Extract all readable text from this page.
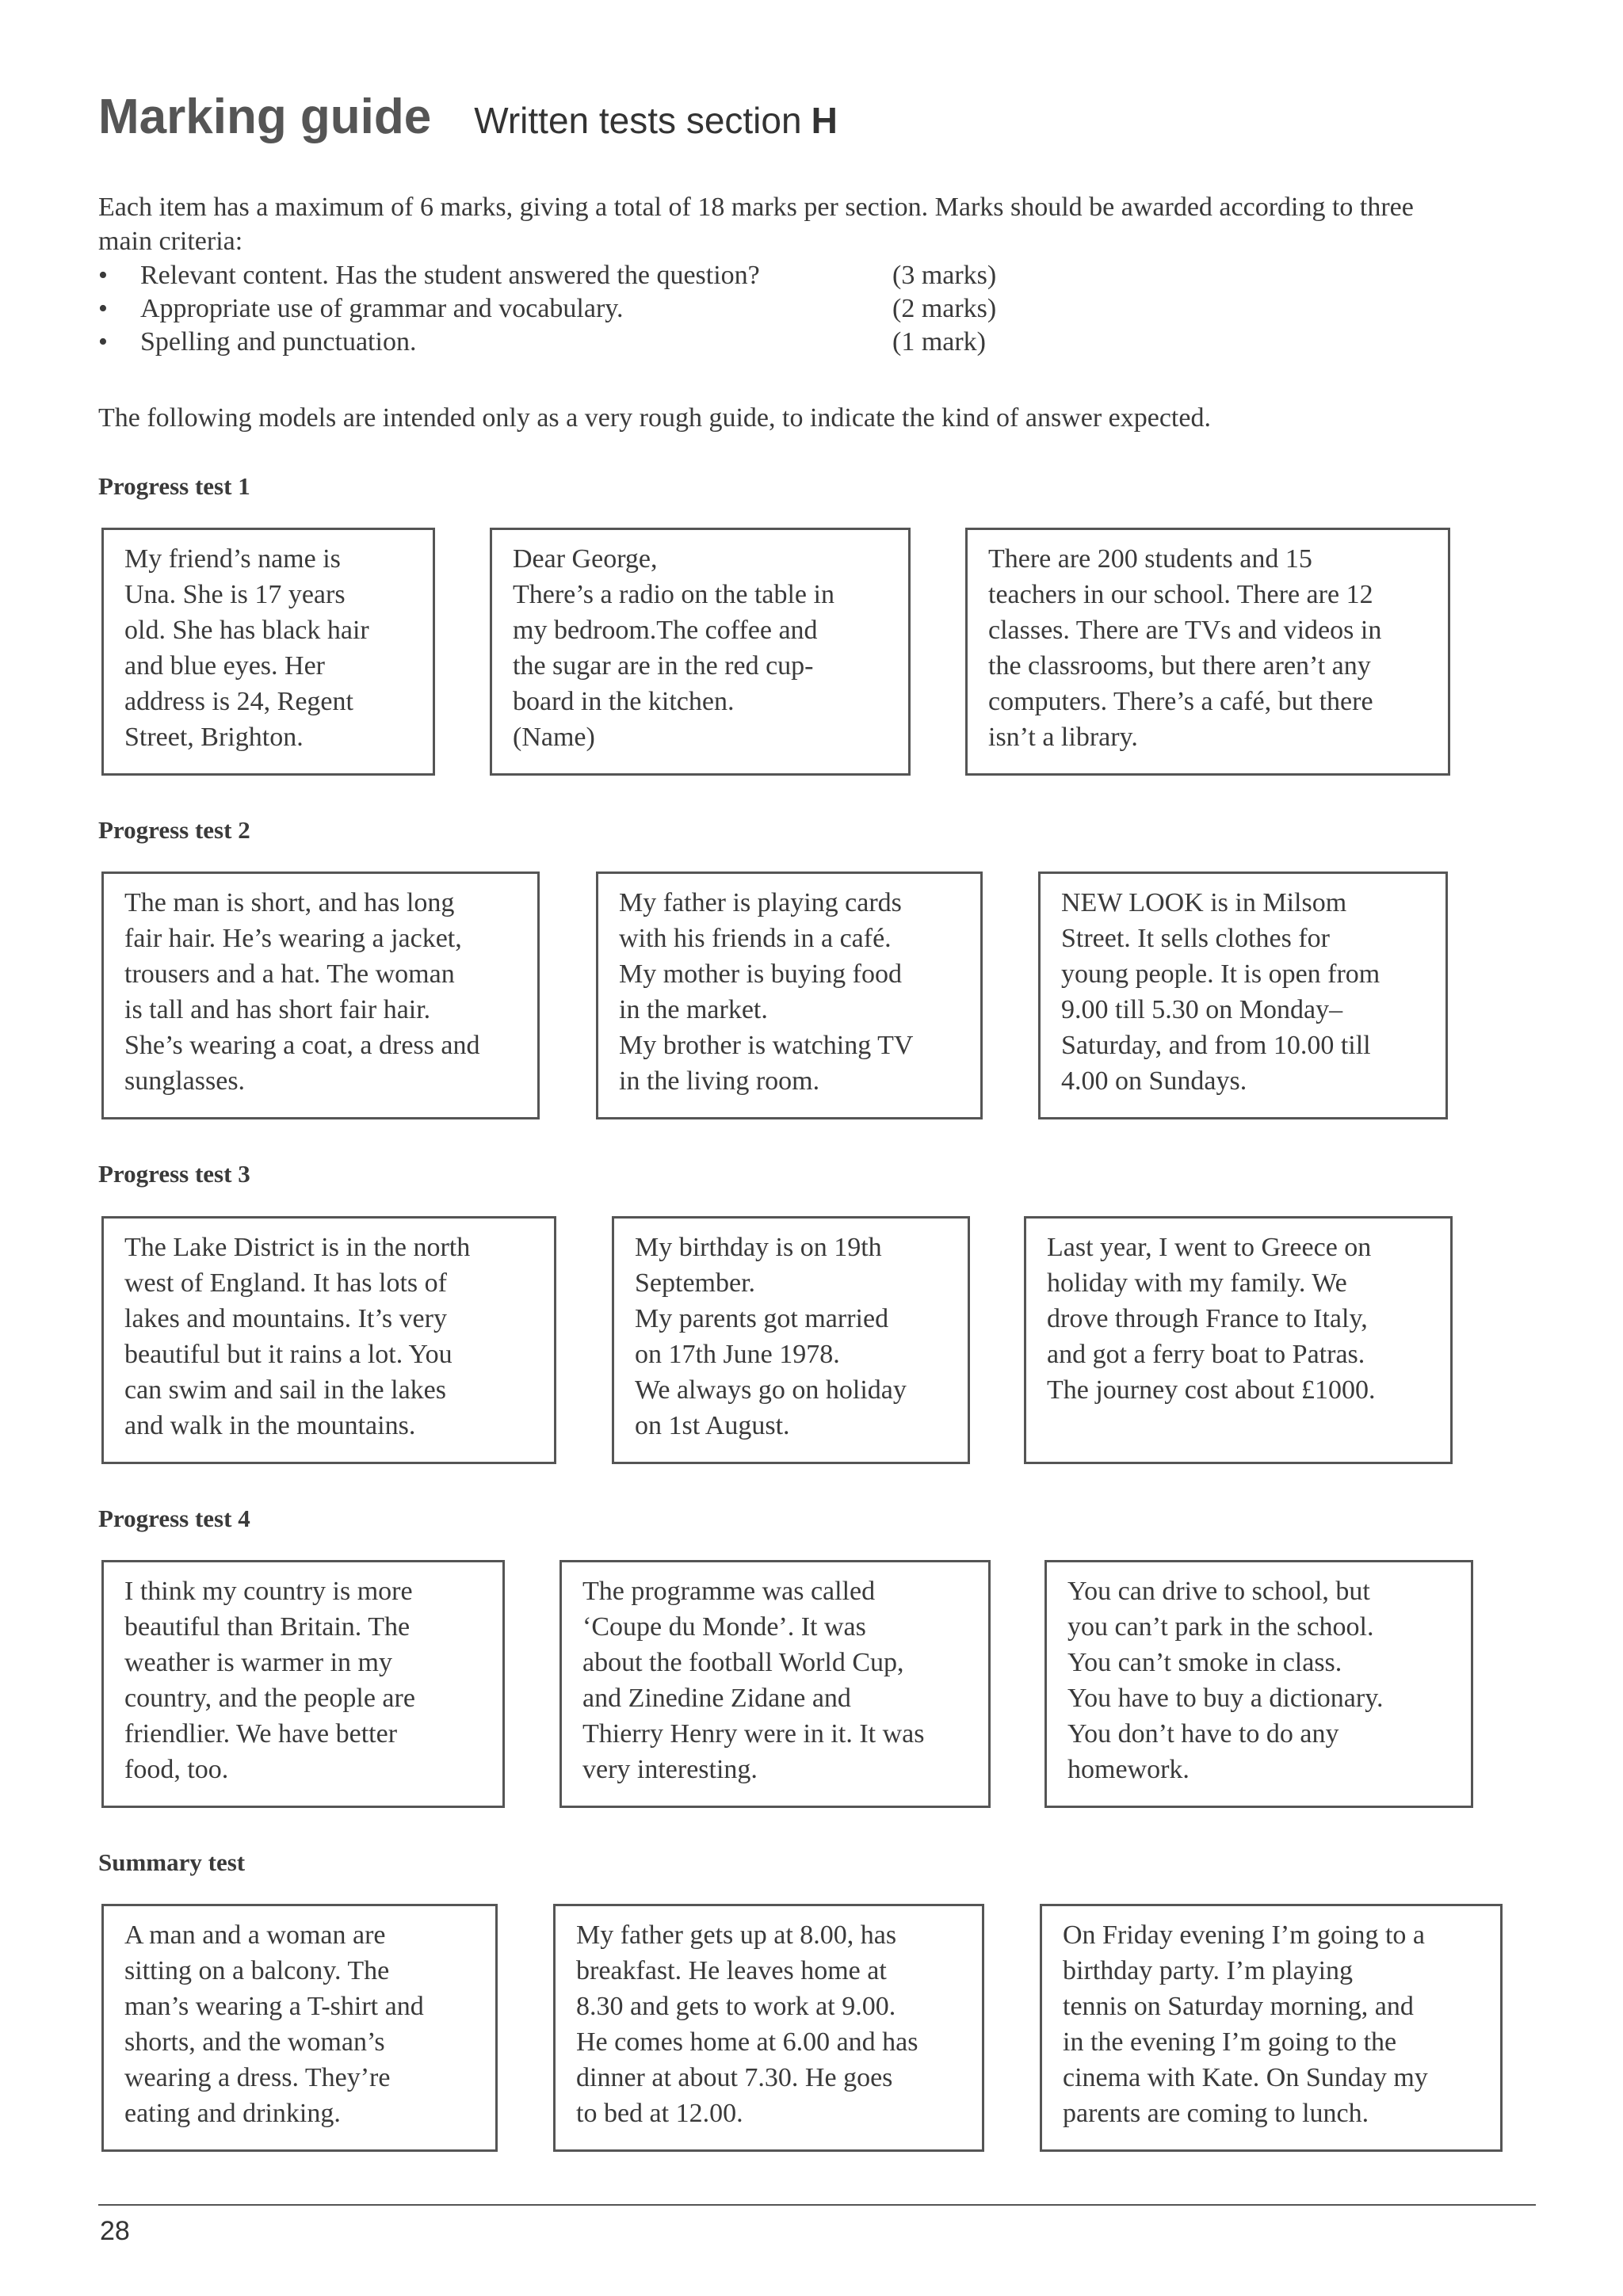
Marking guide Written tests section H

Each item has a maximum of 6 marks, giving a total of 18 marks per section. Marks should be awarded according to three main criteria:

• Relevant content. Has the student answered the question?	(3 marks)
• Appropriate use of grammar and vocabulary.	(2 marks)
• Spelling and punctuation.	(1 mark)
The following models are intended only as a very rough guide, to indicate the kind of answer expected.
Progress test 1
My friend’s name is
Una. She is 17 years
old. She has black hair
and blue eyes. Her
address is 24, Regent
Street, Brighton.
Dear George,
There’s a radio on the table in
my bedroom.The coffee and
the sugar are in the red cup-
board in the kitchen.
(Name)
There are 200 students and 15
teachers in our school. There are 12
classes. There are TVs and videos in
the classrooms, but there aren’t any
computers. There’s a café, but there
isn’t a library.
Progress test 2
The man is short, and has long
fair hair. He’s wearing a jacket,
trousers and a hat. The woman
is tall and has short fair hair.
She’s wearing a coat, a dress and
sunglasses.
My father is playing cards
with his friends in a café.
My mother is buying food
in the market.
My brother is watching TV
in the living room.
NEW LOOK is in Milsom
Street. It sells clothes for
young people. It is open from
9.00 till 5.30 on Monday–
Saturday, and from 10.00 till
4.00 on Sundays.
Progress test 3
The Lake District is in the north
west of England. It has lots of
lakes and mountains. It’s very
beautiful but it rains a lot. You
can swim and sail in the lakes
and walk in the mountains.
My birthday is on 19th
September.
My parents got married
on 17th June 1978.
We always go on holiday
on 1st August.
Last year, I went to Greece on
holiday with my family. We
drove through France to Italy,
and got a ferry boat to Patras.
The journey cost about £1000.
Progress test 4
I think my country is more
beautiful than Britain. The
weather is warmer in my
country, and the people are
friendlier. We have better
food, too.
The programme was called
‘Coupe du Monde’. It was
about the football World Cup,
and Zinedine Zidane and
Thierry Henry were in it. It was
very interesting.
You can drive to school, but
you can’t park in the school.
You can’t smoke in class.
You have to buy a dictionary.
You don’t have to do any
homework.
Summary test
A man and a woman are
sitting on a balcony. The
man’s wearing a T-shirt and
shorts, and the woman’s
wearing a dress. They’re
eating and drinking.
My father gets up at 8.00, has
breakfast. He leaves home at
8.30 and gets to work at 9.00.
He comes home at 6.00 and has
dinner at about 7.30. He goes
to bed at 12.00.
On Friday evening I’m going to a
birthday party. I’m playing
tennis on Saturday morning, and
in the evening I’m going to the
cinema with Kate. On Sunday my
parents are coming to lunch.
28
